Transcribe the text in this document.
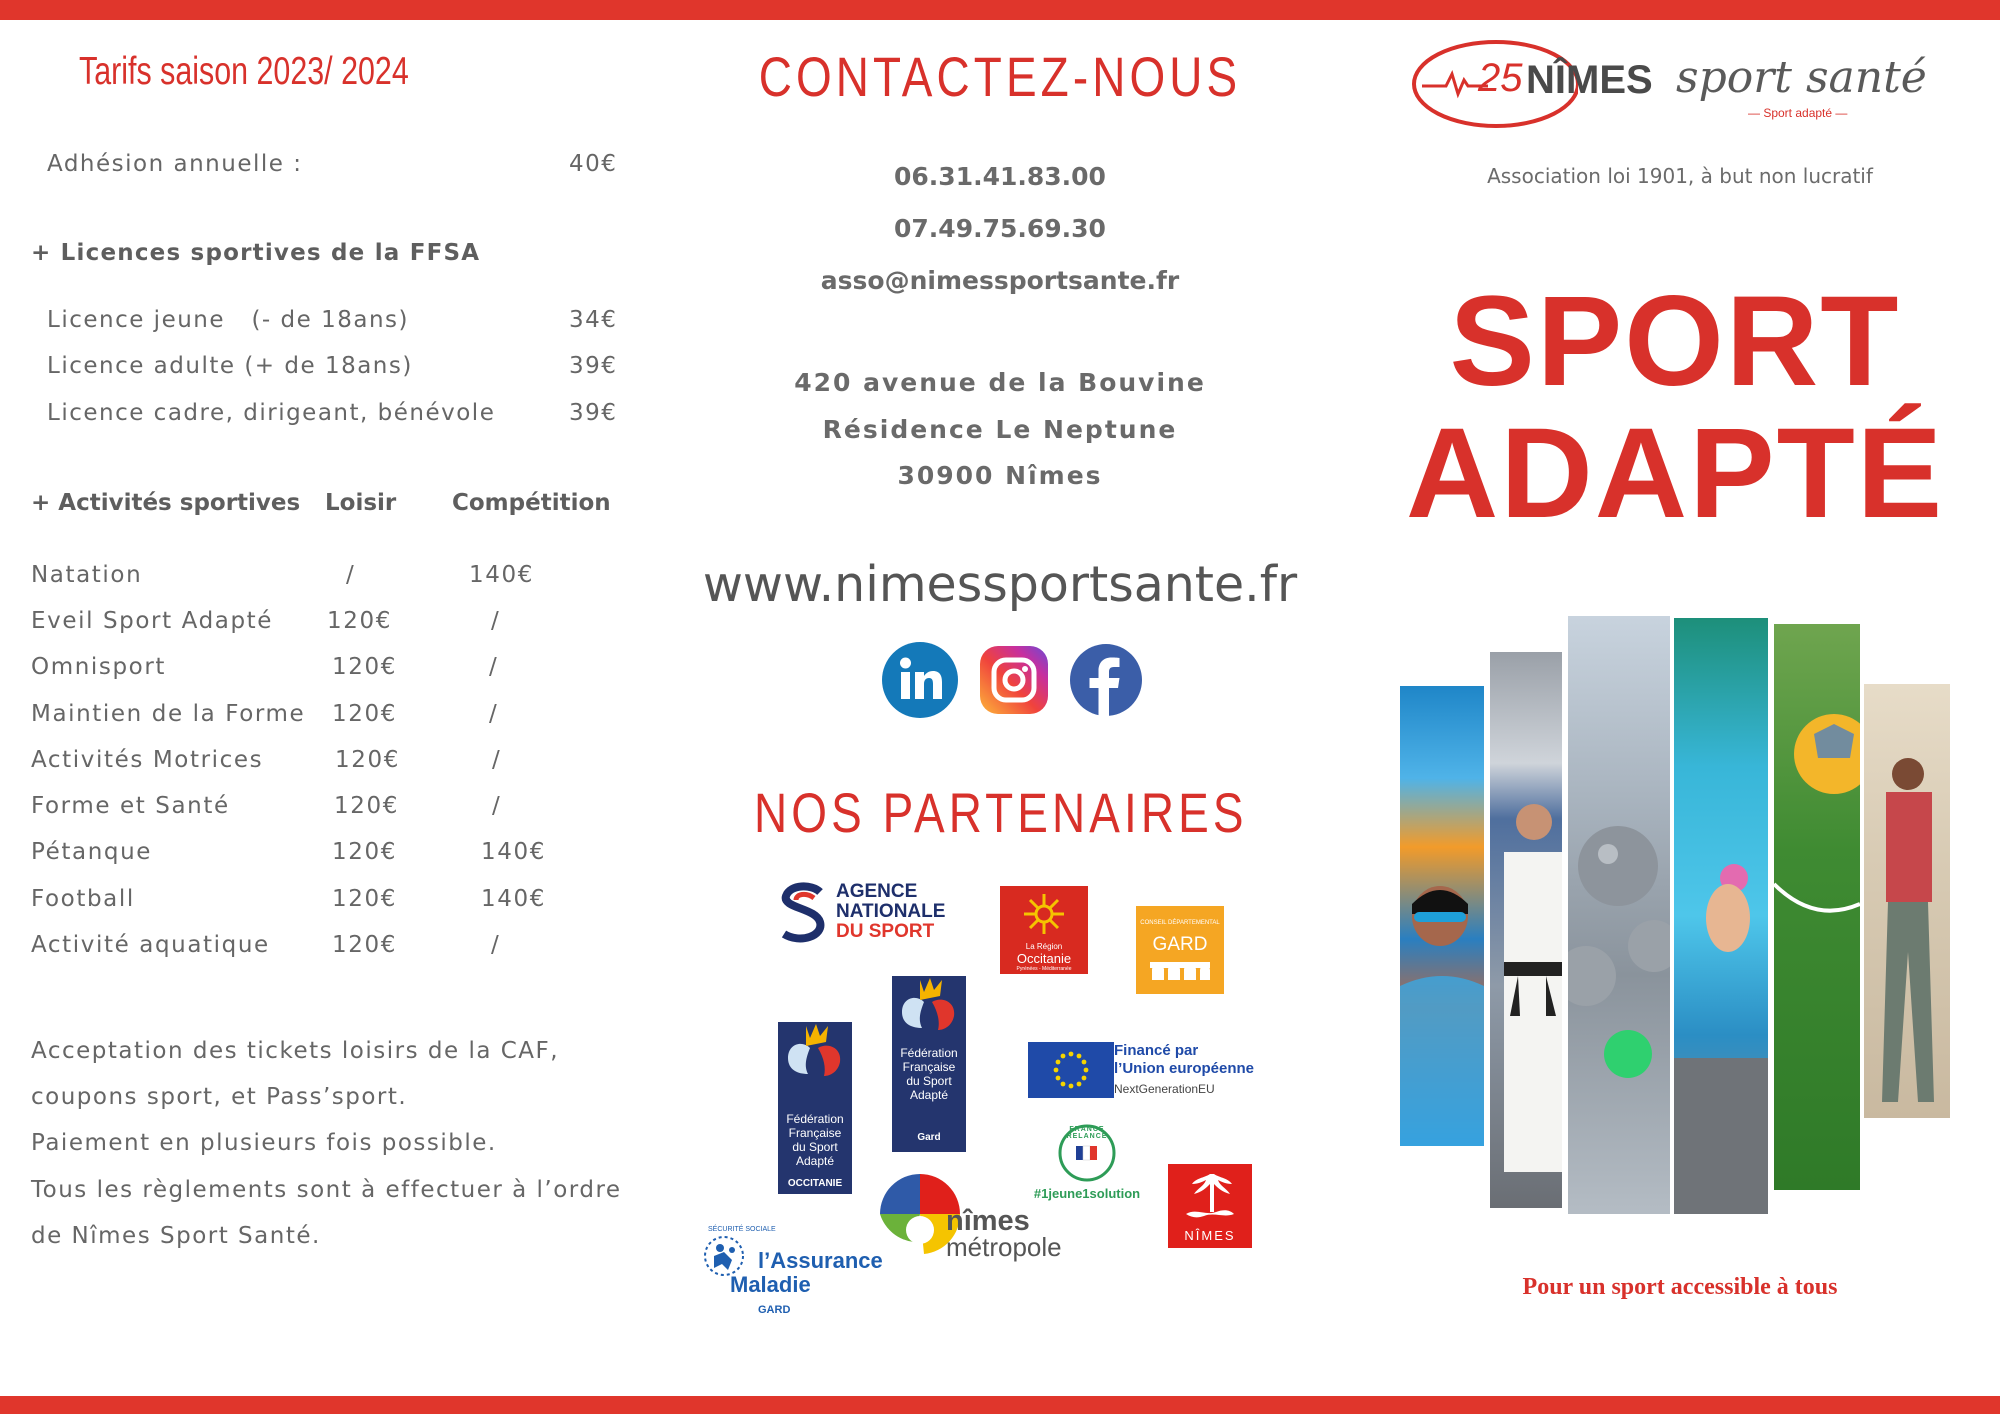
Tarifs saison 2023/ 2024
Adhésion annuelle :	40€
+ Licences sportives de la FFSA
Licence jeune   (- de 18ans)	34€
Licence adulte (+ de 18ans)	39€
Licence cadre, dirigeant, bénévole	39€
+ Activités sportives Loisir Compétition
Natation	/	140€
Eveil Sport Adapté 120€	/
Omnisport	120€	/
Maintien de la Forme 120€	/
Activités Motrices	120€	/
Forme et Santé	120€	/
Pétanque	120€	140€
Football	120€	140€
Activité aquatique	120€	/
Acceptation des tickets loisirs de la CAF,
coupons sport, et Pass’sport.
Paiement en plusieurs fois possible.
Tous les règlements sont à effectuer à l’ordre
de Nîmes Sport Santé.
CONTACTEZ-NOUS
06.31.41.83.00
07.49.75.69.30
asso@nimessportsante.fr
420 avenue de la Bouvine
Résidence Le Neptune
30900 Nîmes
www.nimessportsante.fr
NOS PARTENAIRES
AGENCE
NATIONALE
DU SPORT
La Région
Occitanie
Pyrénées - Méditerranée
CONSEIL DÉPARTEMENTAL
GARD
Fédération
Française
du Sport
Adapté
Gard
Fédération
Française
du Sport
Adapté
OCCITANIE
Financé par
l’Union européenne
NextGenerationEU
FRANCE RELANCE
#1jeune1solution
NÎMES
nîmes
métropole
SÉCURITÉ SOCIALE
l’Assurance
Maladie
GARD
25 NÎMES sport santé
— Sport adapté —
Association loi 1901, à but non lucratif
SPORT
ADAPTÉ
Pour un sport accessible à tous
